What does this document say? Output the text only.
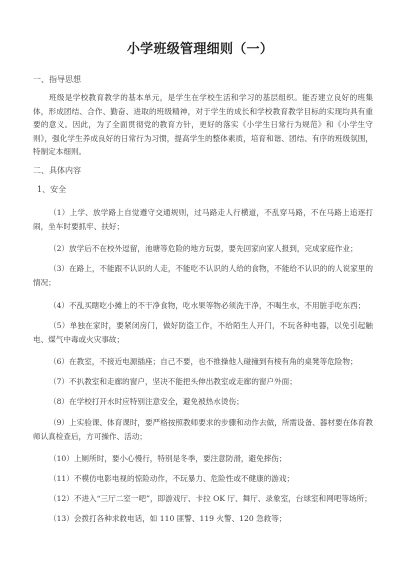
小学班级管理细则（一）
一、指导思想
班级是学校教育教学的基本单元，是学生在学校生活和学习的基层组织。能否建立良好的班集体，形成团结、合作、勤奋、进取的班级精神，对于学生的成长和学校教育教学目标的实现均具有重要的意义。因此，为了全面贯彻党的教育方针，更好的落实《小学生日常行为规范》和《小学生守则》，强化学生养成良好的日常行为习惯，提高学生的整体素质，培育和谐、团结、有序的班级氛围，特制定本细则。
二、具体内容
1、安全
（1）上学、放学路上自觉遵守交通规则，过马路走人行横道，不乱穿马路，不在马路上追逐打闹，坐车时要抓牢、扶好；
（2）放学后不在校外逗留，池塘等危险的地方玩耍，要先回家向家人报到，完成家庭作业；
（3）在路上，不能跟不认识的人走，不能吃不认识的人给的食物，不能给不认识的的人说家里的情况；
（4）不乱买瞎吃小摊上的不干净食物，吃水果等物必须洗干净，不喝生水，不用脏手吃东西；
（5）单独在家时，要紧闭房门，做好防盗工作，不给陌生人开门，不玩各种电器，以免引起触电、煤气中毒或火灾事故；
（6）在教室，不接近电源插座；自己不要，也不推操他人碰撞到有棱有角的桌凳等危险物；
（7）不扒教室和走廊的窗户，坚决不能把头伸出教室或走廊的窗户外面；
（8）在学校打开水时应特别注意安全，避免被热水烫伤；
（9）上实验课、体育课时，要严格按照教师要求的步骤和动作去做，所需设备、器材要在体育教师认真检查后，方可操作、活动；
（10）上厕所时，要小心慢行，特别是冬季，要注意防滑，避免摔伤；
（11）不模仿电影电视的惊险动作，不玩暴力、危险性或不健康的游戏；
（12）不进入“三厅二室一吧”，即游戏厅、卡拉 OK 厅、舞厅、录象室，台球室和网吧等场所；
（13）会拨打各种求救电话，如 110 匪警、119 火警、120 急救等；
